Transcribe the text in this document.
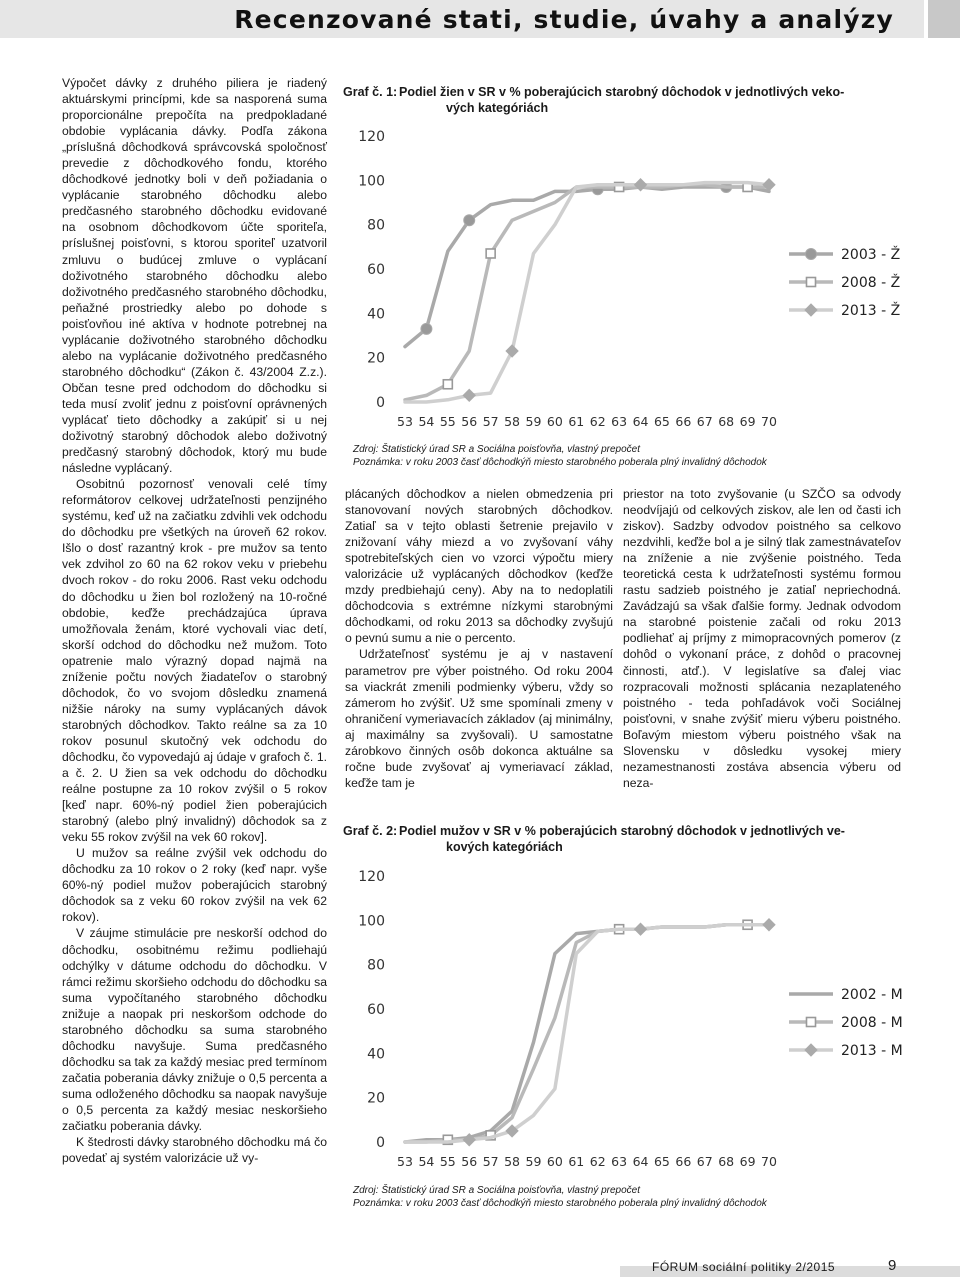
Recenzované stati, studie, úvahy a analýzy

Výpočet dávky z druhého piliera je riadený aktuárskymi princípmi, kde sa nasporená suma proporcionálne prepočíta na predpokladané obdobie vyplácania dávky. Podľa zákona „príslušná dôchodková správcovská spoločnosť prevedie z dôchodkového fondu, ktorého dôchodkové jednotky boli v deň požiadania o vyplácanie starobného dôchodku alebo predčasného starobného dôchodku evidované na osobnom dôchodkovom účte sporiteľa, príslušnej poisťovni, s ktorou sporiteľ uzatvoril zmluvu o budúcej zmluve o vyplácaní doživotného starobného dôchodku alebo doživotného predčasného starobného dôchodku, peňažné prostriedky alebo po dohode s poisťovňou iné aktíva v hodnote potrebnej na vyplácanie doživotného starobného dôchodku alebo na vyplácanie doživotného predčasného starobného dôchodku“ (Zákon č. 43/2004 Z.z.). Občan tesne pred odchodom do dôchodku si teda musí zvoliť jednu z poisťovní oprávnených vyplácať tieto dôchodky a zakúpiť si u nej doživotný starobný dôchodok alebo doživotný predčasný starobný dôchodok, ktorý mu bude následne vyplácaný.

Osobitnú pozornosť venovali celé tímy reformátorov celkovej udržateľnosti penzijného systému, keď už na začiatku zdvihli vek odchodu do dôchodku pre všetkých na úroveň 62 rokov. Išlo o dosť razantný krok - pre mužov sa tento vek zdvihol zo 60 na 62 rokov veku v priebehu dvoch rokov - do roku 2006. Rast veku odchodu do dôchodku u žien bol rozložený na 10-ročné obdobie, keďže prechádzajúca úprava umožňovala ženám, ktoré vychovali viac detí, skorší odchod do dôchodku než mužom. Toto opatrenie malo výrazný dopad najmä na zníženie počtu nových žiadateľov o starobný dôchodok, čo vo svojom dôsledku znamená nižšie nároky na sumy vyplácaných dávok starobných dôchodkov. Takto reálne sa za 10 rokov posunul skutočný vek odchodu do dôchodku, čo vypovedajú aj údaje v grafoch č. 1. a č. 2. U žien sa vek odchodu do dôchodku reálne postupne za 10 rokov zvýšil o 5 rokov [keď napr. 60%-ný podiel žien poberajúcich starobný (alebo plný invalidný) dôchodok sa z veku 55 rokov zvýšil na vek 60 rokov].

U mužov sa reálne zvýšil vek odchodu do dôchodku za 10 rokov o 2 roky (keď napr. vyše 60%-ný podiel mužov poberajúcich starobný dôchodok sa z veku 60 rokov zvýšil na vek 62 rokov).

V záujme stimulácie pre neskorší odchod do dôchodku, osobitnému režimu podliehajú odchýlky v dátume odchodu do dôchodku. V rámci režimu skoršieho odchodu do dôchodku sa suma vypočítaného starobného dôchodku znižuje a naopak pri neskoršom odchode do starobného dôchodku sa suma starobného dôchodku navyšuje. Suma predčasného dôchodku sa tak za každý mesiac pred termínom začatia poberania dávky znižuje o 0,5 percenta a suma odloženého dôchodku sa naopak navyšuje o 0,5 percenta za každý mesiac neskoršieho začiatku poberania dávky.

K štedrosti dávky starobného dôchodku má čo povedať aj systém valorizácie už vy-

Graf č. 1: Podiel žien v SR v % poberajúcich starobný dôchodok v jednotlivých veko-
vých kategóriách
0
20
40
60
80
100
120
53 54 55 56 57 58 59 60 61 62 63 64 65 66 67 68 69 70
2003 - Ž
2008 - Ž
2013 - Ž
Zdroj: Štatistický úrad SR a Sociálna poisťovňa, vlastný prepočet
Poznámka: v roku 2003 časť dôchodkýň miesto starobného poberala plný invalidný dôchodok

plácaných dôchodkov a nielen obmedzenia pri stanovovaní nových starobných dôchodkov. Zatiaľ sa v tejto oblasti šetrenie prejavilo v znižovaní váhy miezd a vo zvyšovaní váhy spotrebiteľských cien vo vzorci výpočtu miery valorizácie už vyplácaných dôchodkov (keďže mzdy predbiehajú ceny). Aby na to nedoplatili dôchodcovia s extrémne nízkymi starobnými dôchodkami, od roku 2013 sa dôchodky zvyšujú o pevnú sumu a nie o percento.

Udržateľnosť systému je aj v nastavení parametrov pre výber poistného. Od roku 2004 sa viackrát zmenili podmienky výberu, vždy so zámerom ho zvýšiť. Už sme spomínali zmeny v ohraničení vymeriavacích základov (aj minimálny, aj maximálny sa zvyšovali). U samostatne zárobkovo činných osôb dokonca aktuálne sa ročne bude zvyšovať aj vymeriavací základ, keďže tam je

priestor na toto zvyšovanie (u SZČO sa odvody neodvíjajú od celkových ziskov, ale len od časti ich ziskov). Sadzby odvodov poistného sa celkovo nezdvihli, keďže bol a je silný tlak zamestnávateľov na zníženie a nie zvýšenie poistného. Teda teoretická cesta k udržateľnosti systému formou rastu sadzieb poistného je zatiaľ nepriechodná. Zavádzajú sa však ďalšie formy. Jednak odvodom na starobné poistenie začali od roku 2013 podliehať aj príjmy z mimopracovných pomerov (z dohôd o vykonaní práce, z dohôd o pracovnej činnosti, atď.). V legislatíve sa ďalej viac rozpracovali možnosti splácania nezaplateného poistného - teda pohľadávok voči Sociálnej poisťovni, v snahe zvýšiť mieru výberu poistného. Boľavým miestom výberu poistného však na Slovensku v dôsledku vysokej miery nezamestnanosti zostáva absencia výberu od neza-

Graf č. 2: Podiel mužov v SR v % poberajúcich starobný dôchodok v jednotlivých ve-
kových kategóriách
0
20
40
60
80
100
120
53 54 55 56 57 58 59 60 61 62 63 64 65 66 67 68 69 70
2002 - M
2008 - M
2013 - M
Zdroj: Štatistický úrad SR a Sociálna poisťovňa, vlastný prepočet
Poznámka: v roku 2003 časť dôchodkýň miesto starobného poberala plný invalidný dôchodok
FÓRUM sociální politiky 2/2015	9
